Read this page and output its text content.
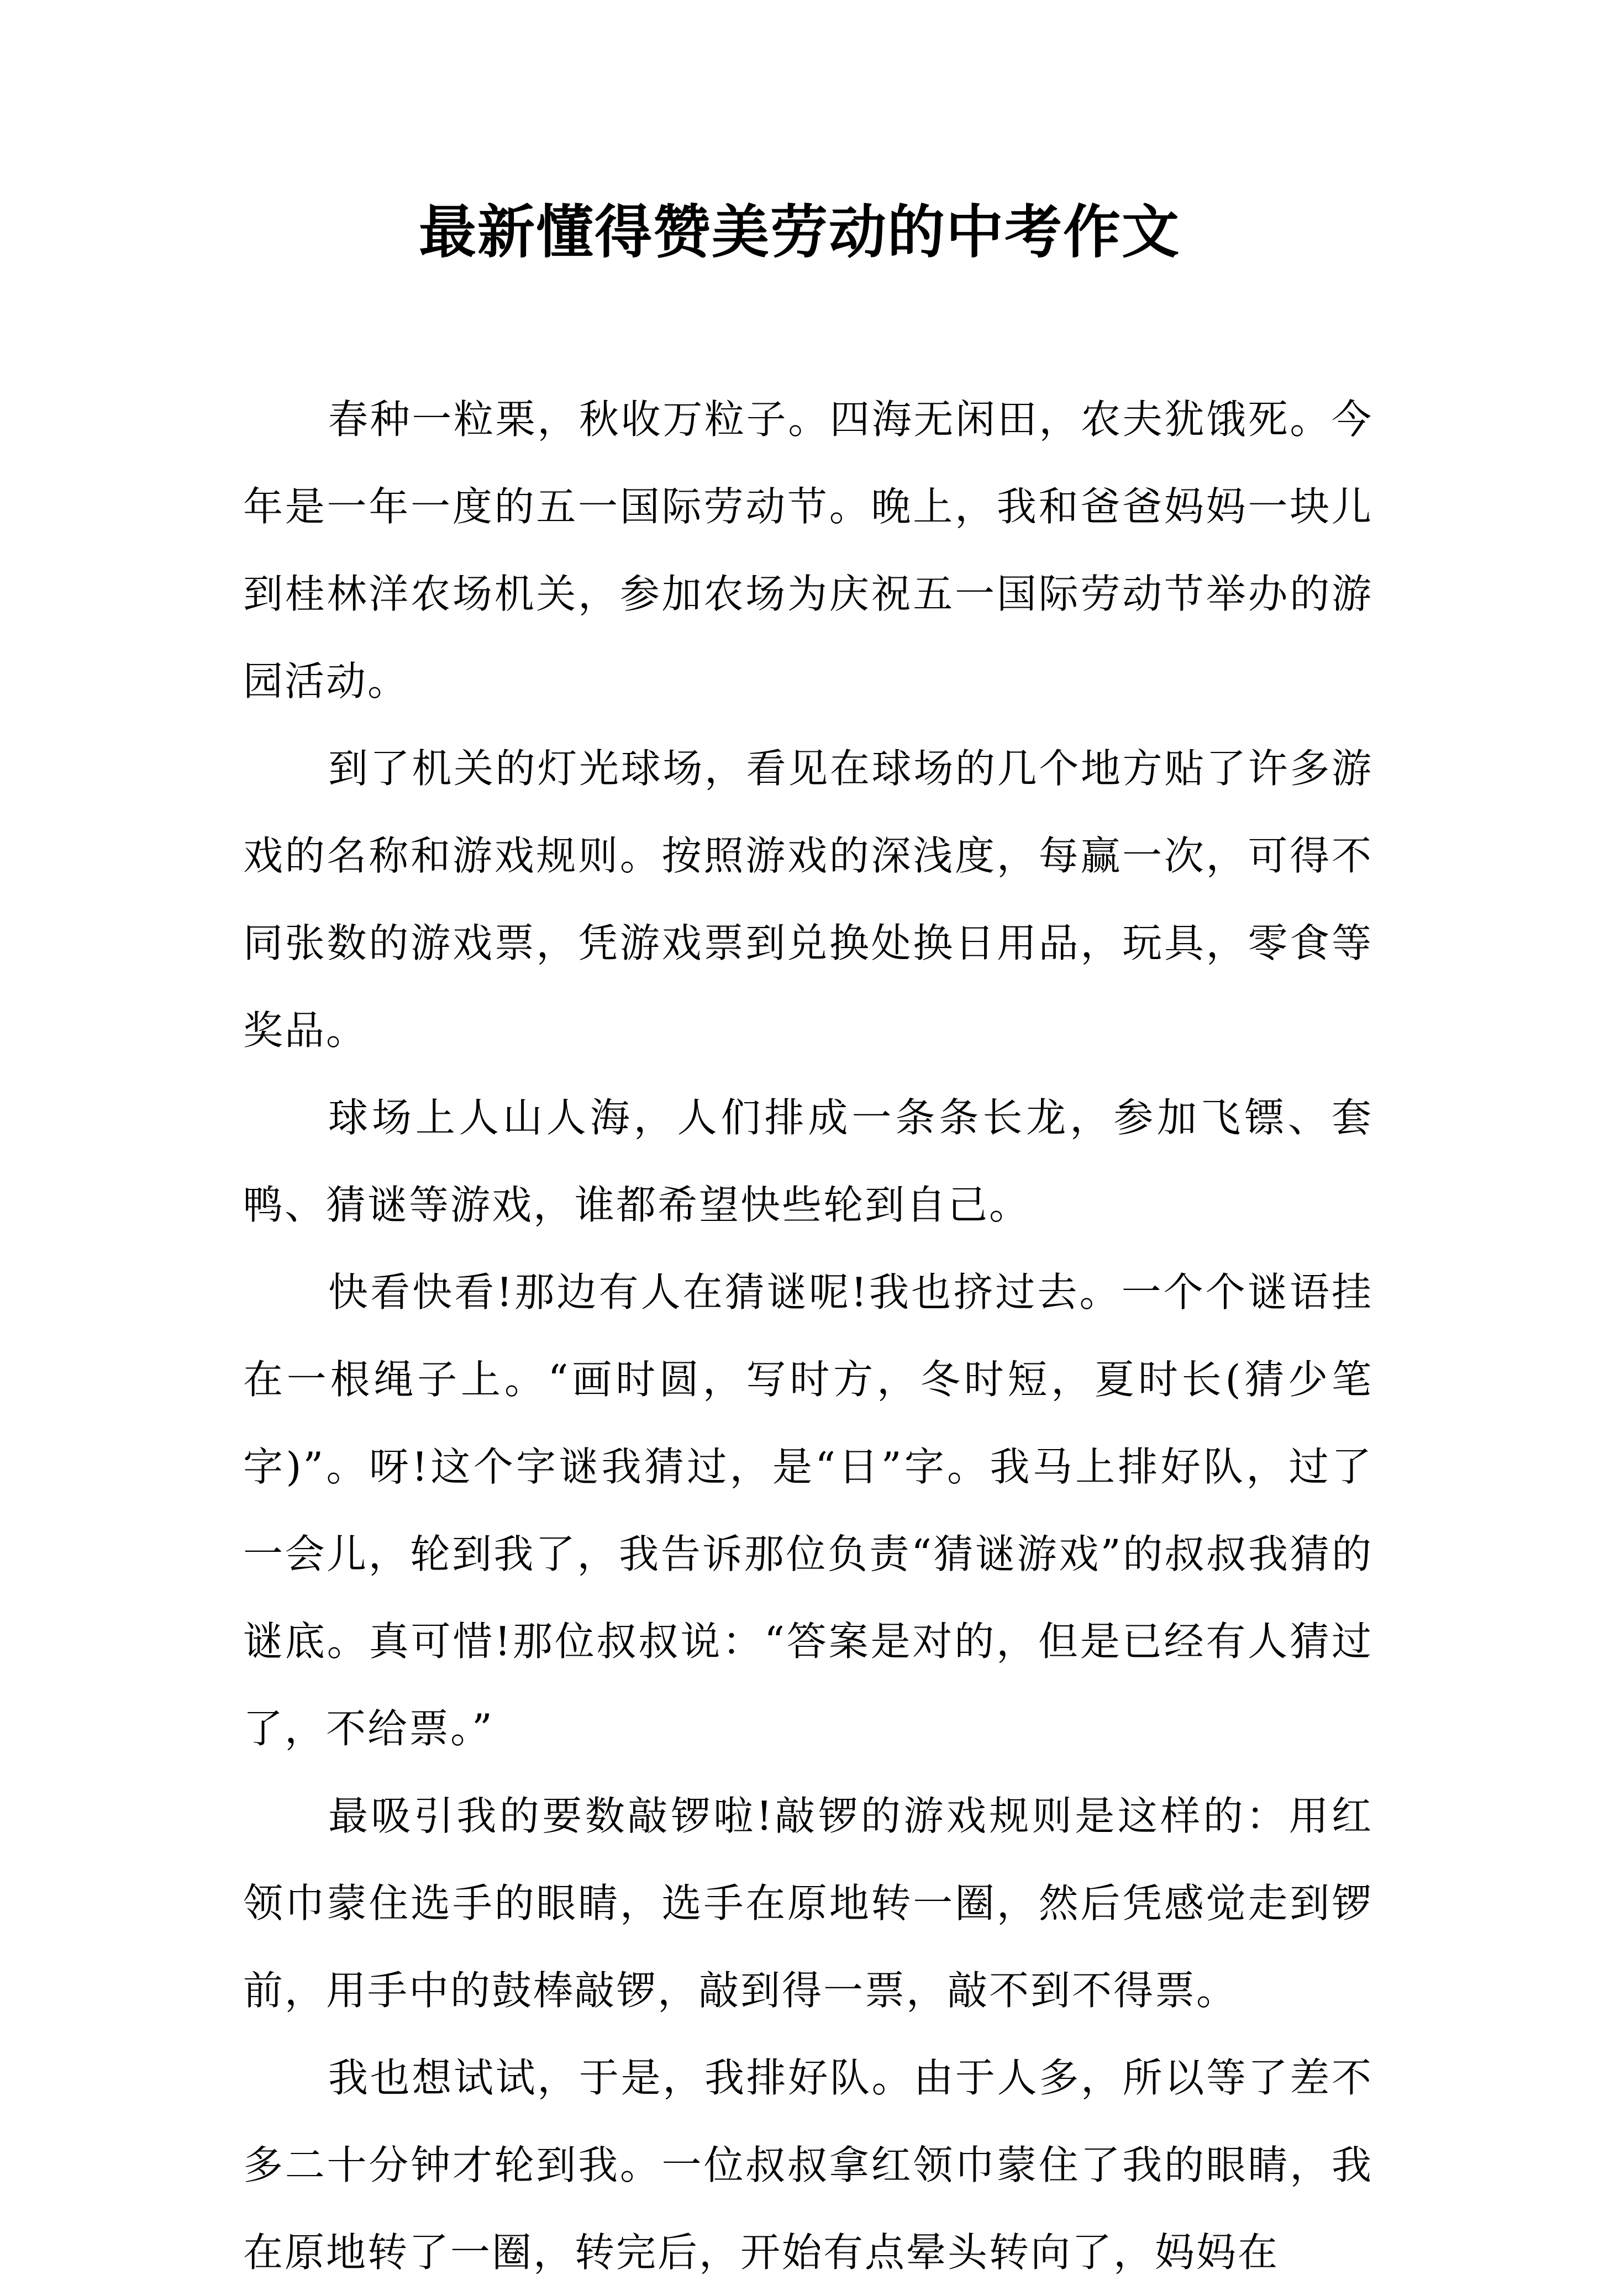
最新懂得赞美劳动的中考作文

春种一粒栗，秋收万粒子。四海无闲田，农夫犹饿死。今年是一年一度的五一国际劳动节。晚上，我和爸爸妈妈一块儿到桂林洋农场机关，参加农场为庆祝五一国际劳动节举办的游园活动。

到了机关的灯光球场，看见在球场的几个地方贴了许多游戏的名称和游戏规则。按照游戏的深浅度，每赢一次，可得不同张数的游戏票，凭游戏票到兑换处换日用品，玩具，零食等奖品。

球场上人山人海，人们排成一条条长龙，参加飞镖、套鸭、猜谜等游戏，谁都希望快些轮到自己。

快看快看!那边有人在猜谜呢!我也挤过去。一个个谜语挂在一根绳子上。“画时圆，写时方，冬时短，夏时长(猜少笔字)”。呀!这个字谜我猜过，是“日”字。我马上排好队，过了一会儿，轮到我了，我告诉那位负责“猜谜游戏”的叔叔我猜的谜底。真可惜!那位叔叔说：“答案是对的，但是已经有人猜过了，不给票。”

最吸引我的要数敲锣啦!敲锣的游戏规则是这样的：用红领巾蒙住选手的眼睛，选手在原地转一圈，然后凭感觉走到锣前，用手中的鼓棒敲锣，敲到得一票，敲不到不得票。

我也想试试，于是，我排好队。由于人多，所以等了差不多二十分钟才轮到我。一位叔叔拿红领巾蒙住了我的眼睛，我在原地转了一圈，转完后，开始有点晕头转向了，妈妈在
